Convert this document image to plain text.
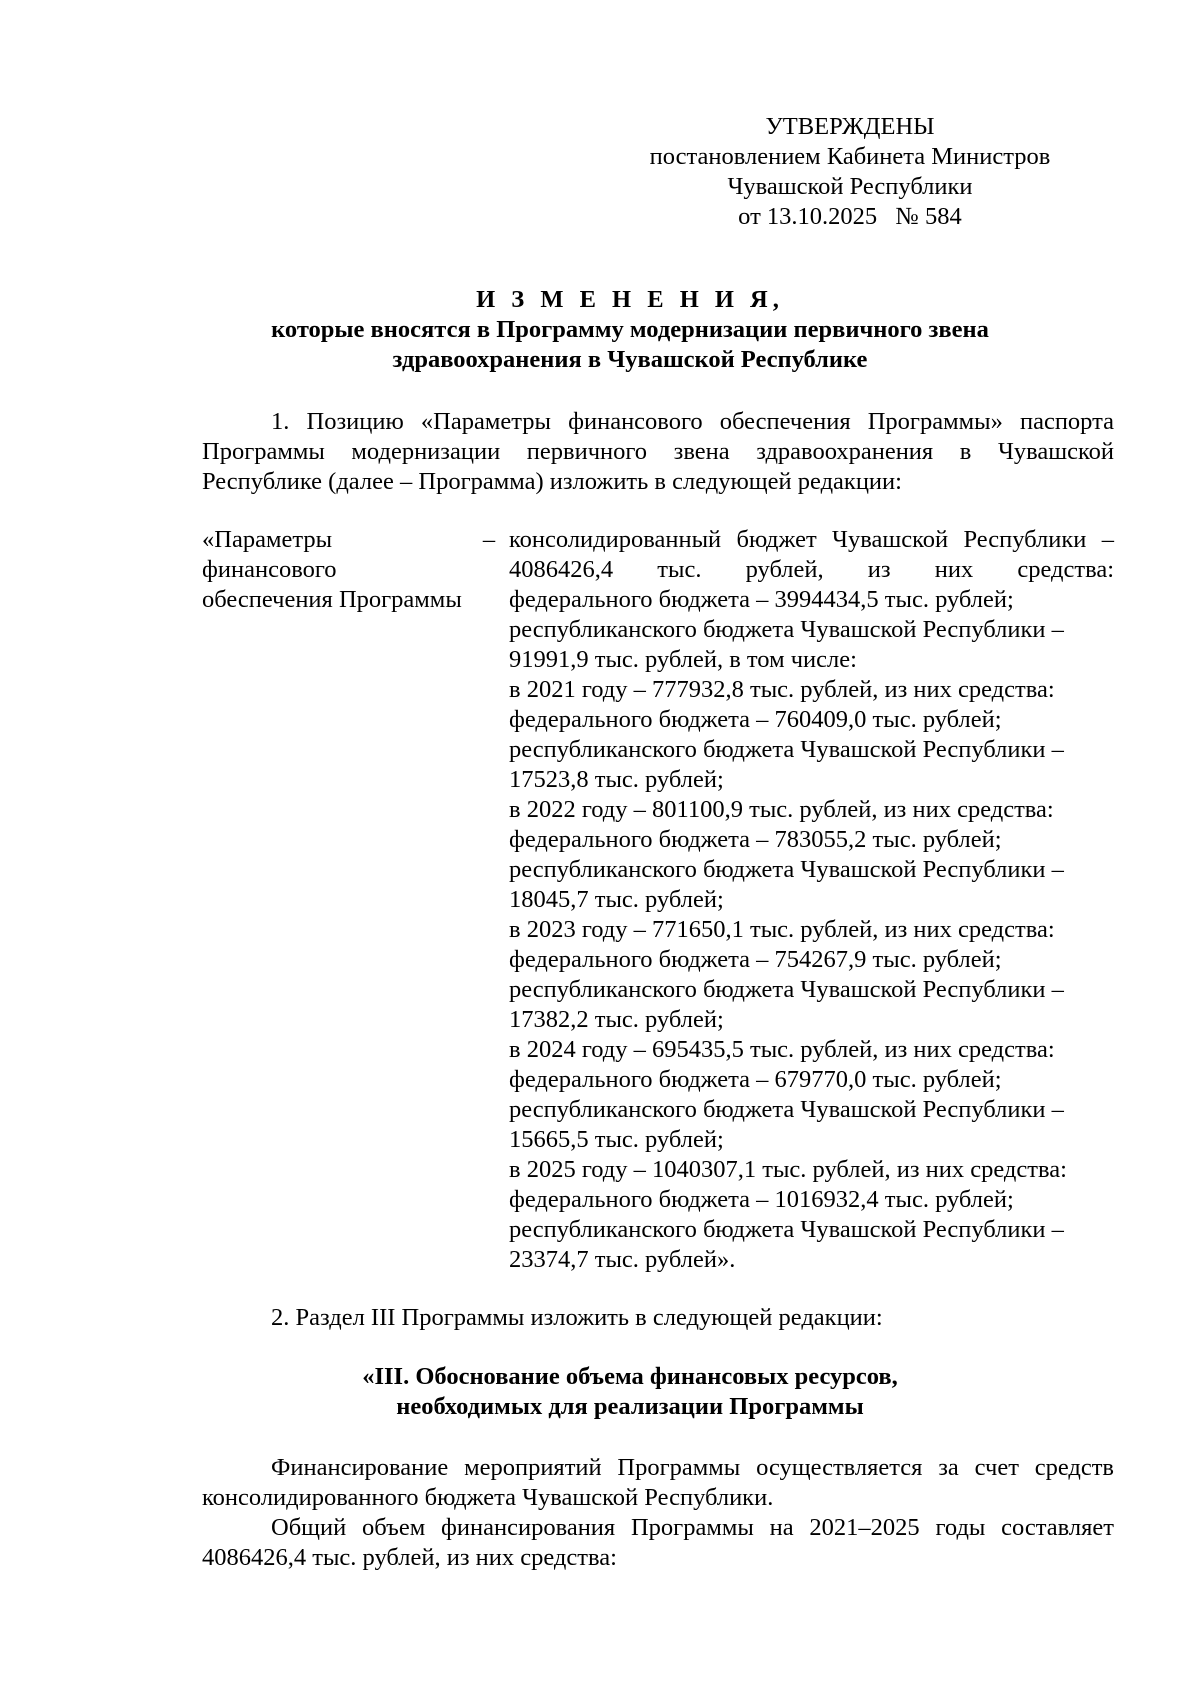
УТВЕРЖДЕНЫ
постановлением Кабинета Министров
Чувашской Республики
от 13.10.2025   № 584
И З М Е Н Е Н И Я,
которые вносятся в Программу модернизации первичного звена
здравоохранения в Чувашской Республике
1. Позицию «Параметры финансового обеспечения Программы» паспорта Программы модернизации первичного звена здравоохранения в Чувашской Республике (далее – Программа) изложить в следующей редакции:
«Параметры финансового обеспечения Программы
– консолидированный бюджет Чувашской Республики – 4086426,4 тыс. рублей, из них средства:
федерального бюджета – 3994434,5 тыс. рублей;
республиканского бюджета Чувашской Республики –
91991,9 тыс. рублей, в том числе:
в 2021 году – 777932,8 тыс. рублей, из них средства:
федерального бюджета – 760409,0 тыс. рублей;
республиканского бюджета Чувашской Республики –
17523,8 тыс. рублей;
в 2022 году – 801100,9 тыс. рублей, из них средства:
федерального бюджета – 783055,2 тыс. рублей;
республиканского бюджета Чувашской Республики –
18045,7 тыс. рублей;
в 2023 году – 771650,1 тыс. рублей, из них средства:
федерального бюджета – 754267,9 тыс. рублей;
республиканского бюджета Чувашской Республики –
17382,2 тыс. рублей;
в 2024 году – 695435,5 тыс. рублей, из них средства:
федерального бюджета – 679770,0 тыс. рублей;
республиканского бюджета Чувашской Республики –
15665,5 тыс. рублей;
в 2025 году – 1040307,1 тыс. рублей, из них средства:
федерального бюджета – 1016932,4 тыс. рублей;
республиканского бюджета Чувашской Республики –
23374,7 тыс. рублей».
2. Раздел III Программы изложить в следующей редакции:
«III. Обоснование объема финансовых ресурсов,
необходимых для реализации Программы
Финансирование мероприятий Программы осуществляется за счет средств консолидированного бюджета Чувашской Республики.
Общий объем финансирования Программы на 2021–2025 годы составляет 4086426,4 тыс. рублей, из них средства:
